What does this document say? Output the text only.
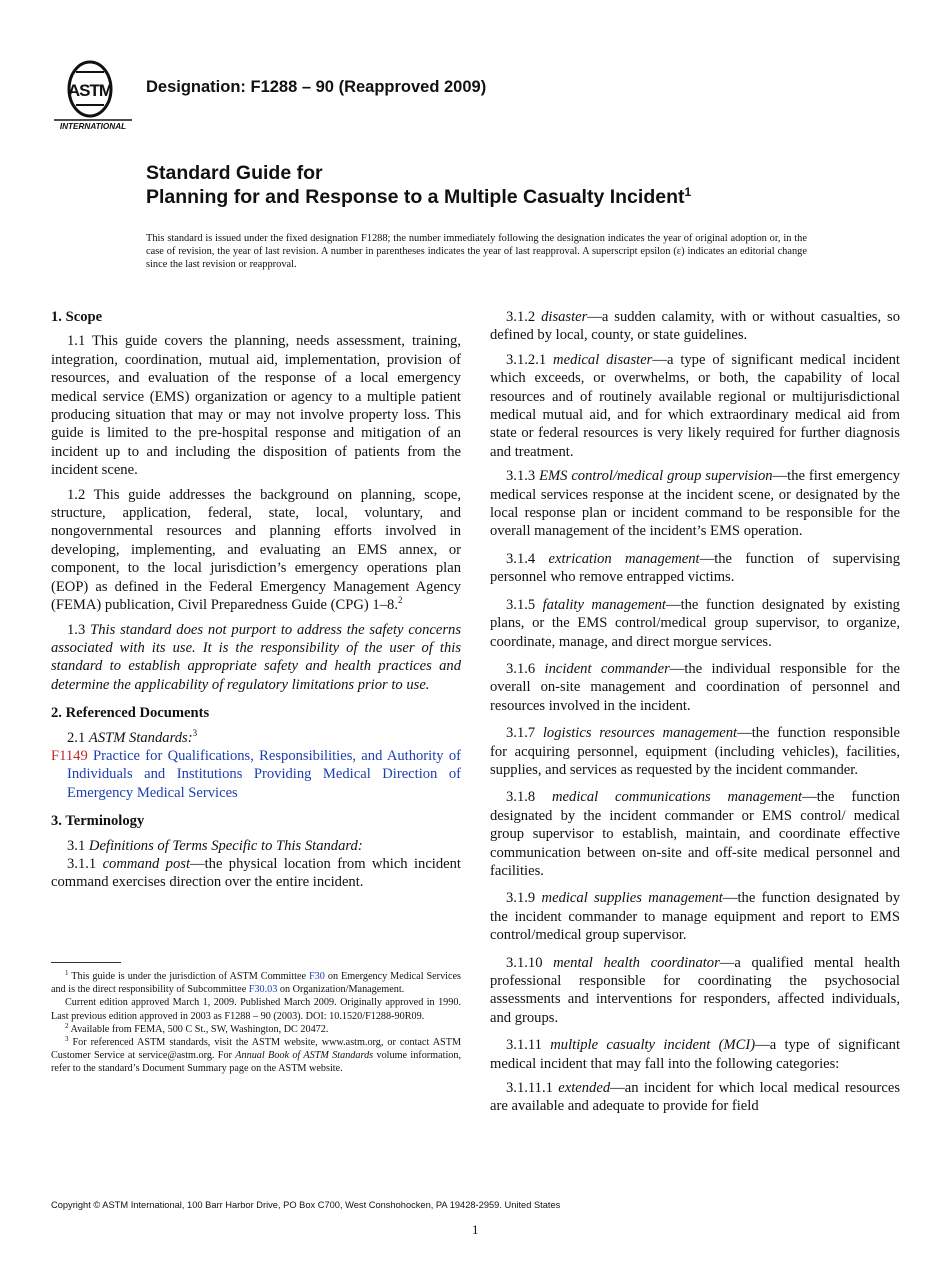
ASTM
INTERNATIONAL
Designation: F1288 – 90 (Reapproved 2009)
Standard Guide for
Planning for and Response to a Multiple Casualty Incident$^1$
This standard is issued under the fixed designation F1288; the number immediately following the designation indicates the year of original adoption or, in the case of revision, the year of last revision. A number in parentheses indicates the year of last reapproval. A superscript epsilon (ε) indicates an editorial change since the last revision or reapproval.
1. Scope

1.1 This guide covers the planning, needs assessment, training, integration, coordination, mutual aid, implementation, provision of resources, and evaluation of the response of a local emergency medical service (EMS) organization or agency to a multiple patient producing situation that may or may not involve property loss. This guide is limited to the pre-hospital response and mitigation of an incident up to and including the disposition of patients from the incident scene.

1.2 This guide addresses the background on planning, scope, structure, application, federal, state, local, voluntary, and nongovernmental resources and planning efforts involved in developing, implementing, and evaluating an EMS annex, or component, to the local jurisdiction’s emergency operations plan (EOP) as defined in the Federal Emergency Management Agency (FEMA) publication, Civil Preparedness Guide (CPG) 1–8.$^2$

1.3 This standard does not purport to address the safety concerns associated with its use. It is the responsibility of the user of this standard to establish appropriate safety and health practices and determine the applicability of regulatory limitations prior to use.

2. Referenced Documents

2.1 ASTM Standards:$^3$

F1149 Practice for Qualifications, Responsibilities, and Authority of Individuals and Institutions Providing Medical Direction of Emergency Medical Services

3. Terminology

3.1 Definitions of Terms Specific to This Standard:

3.1.1 command post—the physical location from which incident command exercises direction over the entire incident.

$^1$ This guide is under the jurisdiction of ASTM Committee F30 on Emergency Medical Services and is the direct responsibility of Subcommittee F30.03 on Organization/Management.

Current edition approved March 1, 2009. Published March 2009. Originally approved in 1990. Last previous edition approved in 2003 as F1288 – 90 (2003). DOI: 10.1520/F1288-90R09.

$^2$ Available from FEMA, 500 C St., SW, Washington, DC 20472.

$^3$ For referenced ASTM standards, visit the ASTM website, www.astm.org, or contact ASTM Customer Service at service@astm.org. For Annual Book of ASTM Standards volume information, refer to the standard’s Document Summary page on the ASTM website.

3.1.2 disaster—a sudden calamity, with or without casualties, so defined by local, county, or state guidelines.

3.1.2.1 medical disaster—a type of significant medical incident which exceeds, or overwhelms, or both, the capability of local resources and of routinely available regional or multijurisdictional medical mutual aid, and for which extraordinary medical aid from state or federal resources is very likely required for further diagnosis and treatment.

3.1.3 EMS control/medical group supervision—the first emergency medical services response at the incident scene, or designated by the local response plan or incident command to be responsible for the overall management of the incident’s EMS operation.

3.1.4 extrication management—the function of supervising personnel who remove entrapped victims.

3.1.5 fatality management—the function designated by existing plans, or the EMS control/medical group supervisor, to organize, coordinate, manage, and direct morgue services.

3.1.6 incident commander—the individual responsible for the overall on-site management and coordination of personnel and resources involved in the incident.

3.1.7 logistics resources management—the function responsible for acquiring personnel, equipment (including vehicles), facilities, supplies, and services as requested by the incident commander.

3.1.8 medical communications management—the function designated by the incident commander or EMS control/ medical group supervisor to establish, maintain, and coordinate effective communication between on-site and off-site medical personnel and facilities.

3.1.9 medical supplies management—the function designated by the incident commander to manage equipment and report to EMS control/medical group supervisor.

3.1.10 mental health coordinator—a qualified mental health professional responsible for coordinating the psychosocial assessments and interventions for responders, affected individuals, and groups.

3.1.11 multiple casualty incident (MCI)—a type of significant medical incident that may fall into the following categories:

3.1.11.1 extended—an incident for which local medical resources are available and adequate to provide for field

Copyright © ASTM International, 100 Barr Harbor Drive, PO Box C700, West Conshohocken, PA 19428-2959. United States
1
